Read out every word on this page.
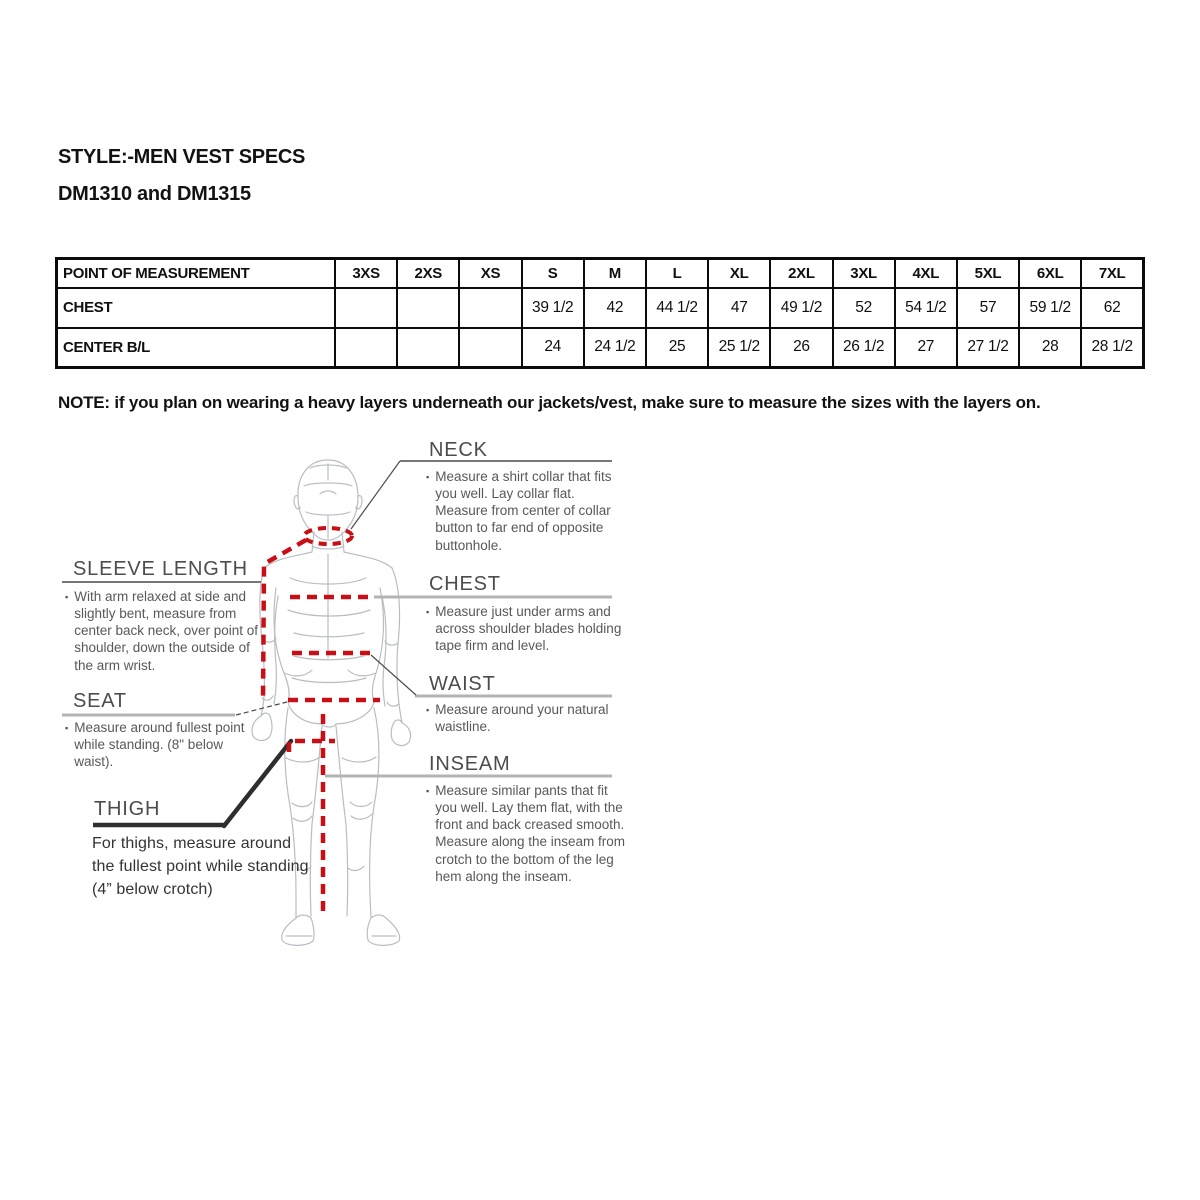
STYLE:-MEN VEST SPECS
DM1310 and DM1315
POINT OF MEASUREMENT	3XS	2XS	XS	S	M	L	XL	2XL	3XL	4XL	5XL	6XL	7XL
CHEST				39 1/2	42	44 1/2	47	49 1/2	52	54 1/2	57	59 1/2	62
CENTER B/L				24	24 1/2	25	25 1/2	26	26 1/2	27	27 1/2	28	28 1/2
NOTE: if you plan on wearing a heavy layers underneath our jackets/vest, make sure to measure the sizes with the layers on.
NECK
▪ Measure a shirt collar that fits you well. Lay collar flat. Measure from center of collar button to far end of opposite buttonhole.
SLEEVE LENGTH
▪ With arm relaxed at side and slightly bent, measure from center back neck, over point of shoulder, down the outside of the arm wrist.
CHEST
▪ Measure just under arms and across shoulder blades holding tape firm and level.
WAIST
▪ Measure around your natural waistline.
SEAT
▪ Measure around fullest point while standing. (8" below waist).
THIGH
For thighs, measure around the fullest point while standing (4” below crotch)
INSEAM
▪ Measure similar pants that fit you well. Lay them flat, with the front and back creased smooth. Measure along the inseam from crotch to the bottom of the leg hem along the inseam.
